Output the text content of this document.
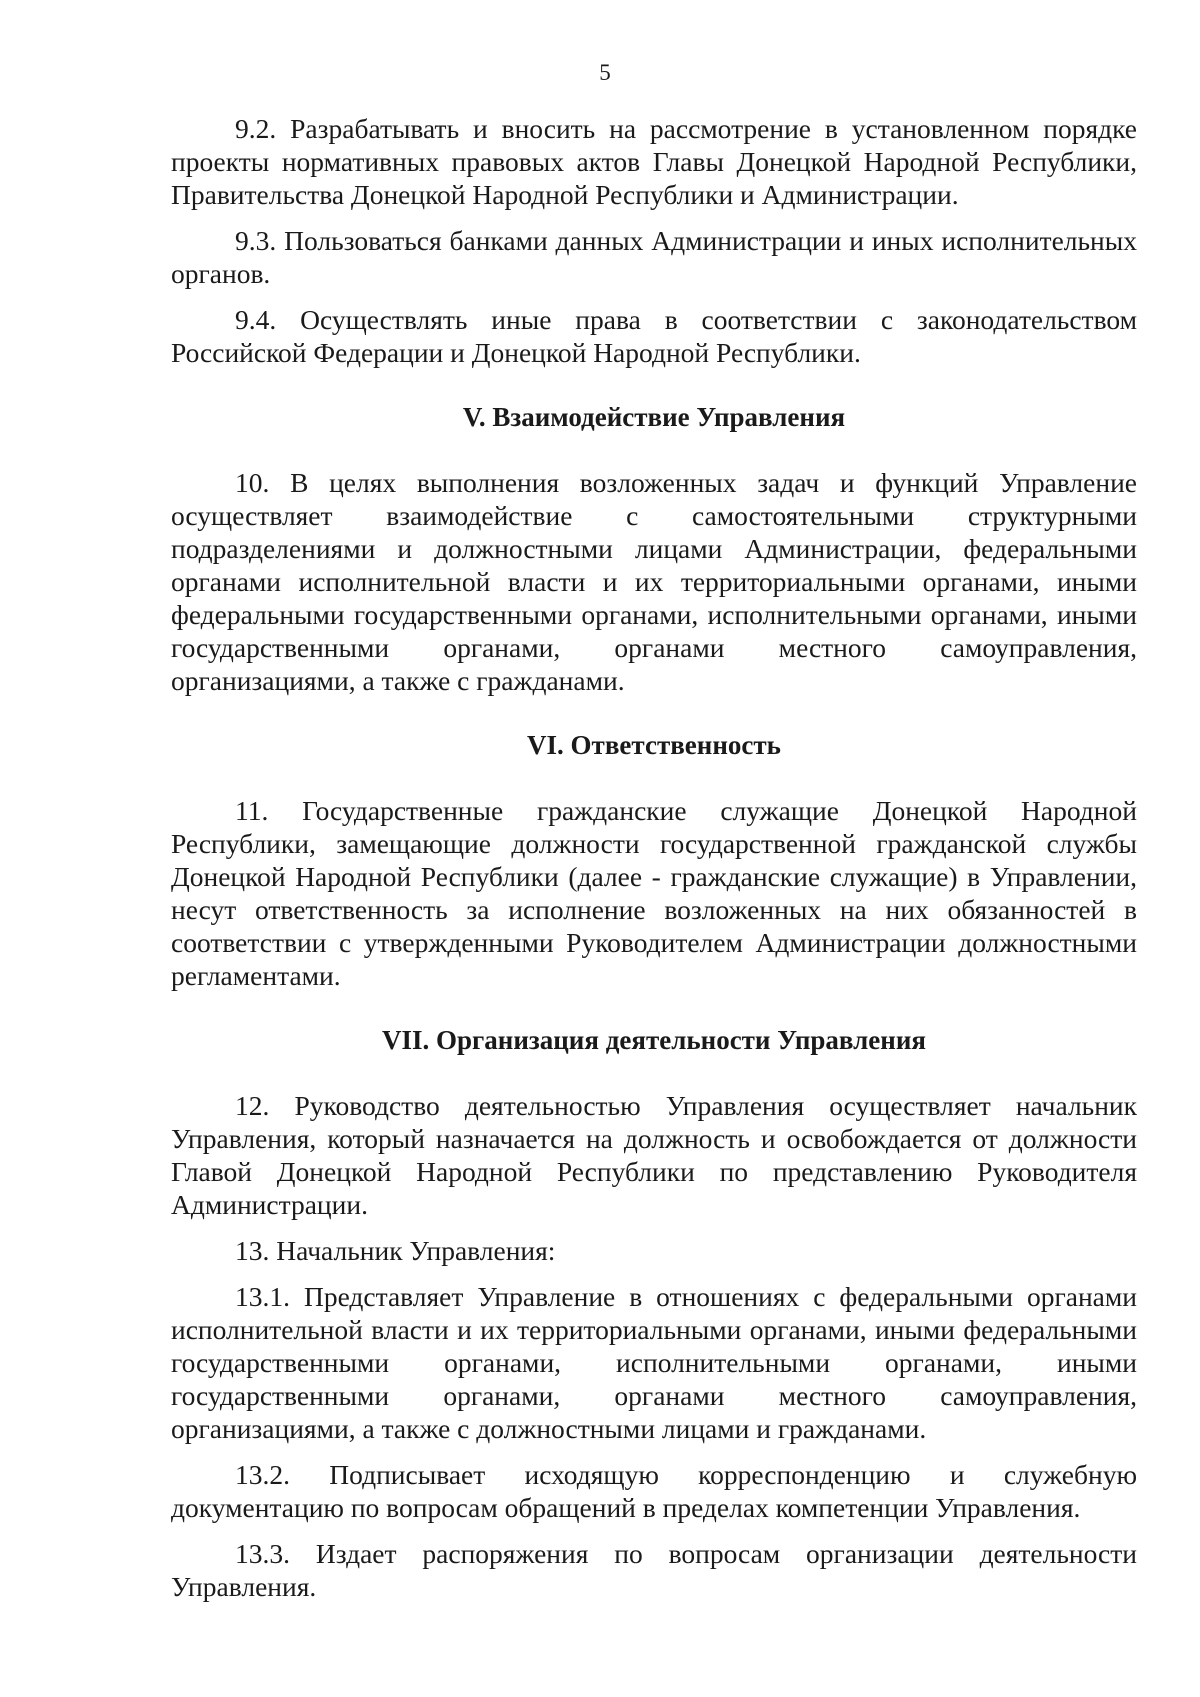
5

9.2. Разрабатывать и вносить на рассмотрение в установленном порядке проекты нормативных правовых актов Главы Донецкой Народной Республики, Правительства Донецкой Народной Республики и Администрации.

9.3. Пользоваться банками данных Администрации и иных исполнительных органов.

9.4. Осуществлять иные права в соответствии с законодательством Российской Федерации и Донецкой Народной Республики.

V. Взаимодействие Управления

10. В целях выполнения возложенных задач и функций Управление осуществляет взаимодействие с самостоятельными структурными подразделениями и должностными лицами Администрации, федеральными органами исполнительной власти и их территориальными органами, иными федеральными государственными органами, исполнительными органами, иными государственными органами, органами местного самоуправления, организациями, а также с гражданами.

VI. Ответственность

11. Государственные гражданские служащие Донецкой Народной Республики, замещающие должности государственной гражданской службы Донецкой Народной Республики (далее - гражданские служащие) в Управлении, несут ответственность за исполнение возложенных на них обязанностей в соответствии с утвержденными Руководителем Администрации должностными регламентами.

VII. Организация деятельности Управления

12. Руководство деятельностью Управления осуществляет начальник Управления, который назначается на должность и освобождается от должности Главой Донецкой Народной Республики по представлению Руководителя Администрации.

13. Начальник Управления:

13.1. Представляет Управление в отношениях с федеральными органами исполнительной власти и их территориальными органами, иными федеральными государственными органами, исполнительными органами, иными государственными органами, органами местного самоуправления, организациями, а также с должностными лицами и гражданами.

13.2. Подписывает исходящую корреспонденцию и служебную документацию по вопросам обращений в пределах компетенции Управления.

13.3. Издает распоряжения по вопросам организации деятельности Управления.
